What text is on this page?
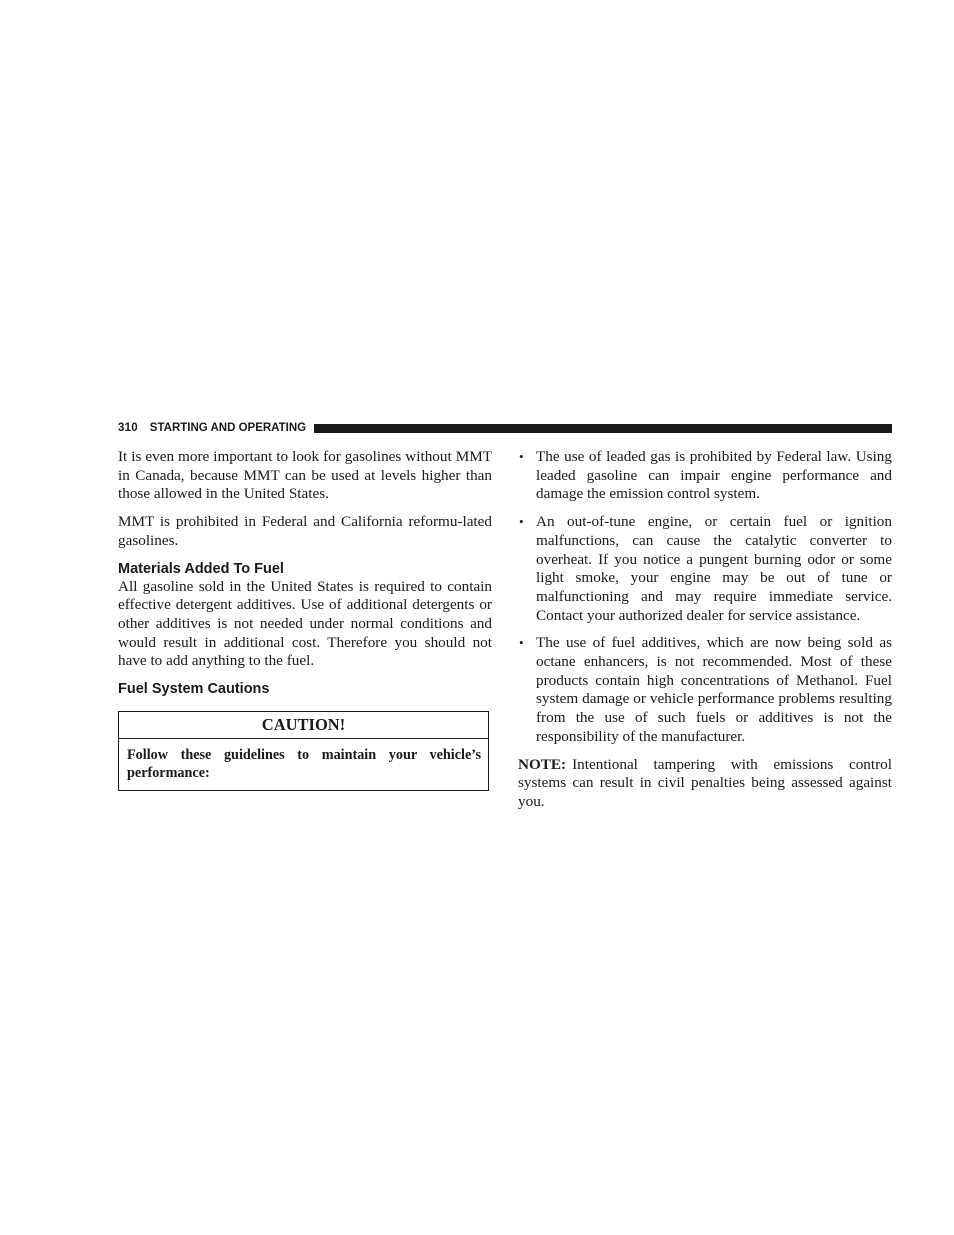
310 STARTING AND OPERATING

It is even more important to look for gasolines without MMT in Canada, because MMT can be used at levels higher than those allowed in the United States.

MMT is prohibited in Federal and California reformu-lated gasolines.

Materials Added To Fuel

All gasoline sold in the United States is required to contain effective detergent additives. Use of additional detergents or other additives is not needed under normal conditions and would result in additional cost. Therefore you should not have to add anything to the fuel.

Fuel System Cautions
CAUTION!
Follow these guidelines to maintain your vehicle’s performance:
• The use of leaded gas is prohibited by Federal law. Using leaded gasoline can impair engine performance and damage the emission control system.

• An out-of-tune engine, or certain fuel or ignition malfunctions, can cause the catalytic converter to overheat. If you notice a pungent burning odor or some light smoke, your engine may be out of tune or malfunctioning and may require immediate service. Contact your authorized dealer for service assistance.

• The use of fuel additives, which are now being sold as octane enhancers, is not recommended. Most of these products contain high concentrations of Methanol. Fuel system damage or vehicle performance problems resulting from the use of such fuels or additives is not the responsibility of the manufacturer.

NOTE: Intentional tampering with emissions control systems can result in civil penalties being assessed against you.
